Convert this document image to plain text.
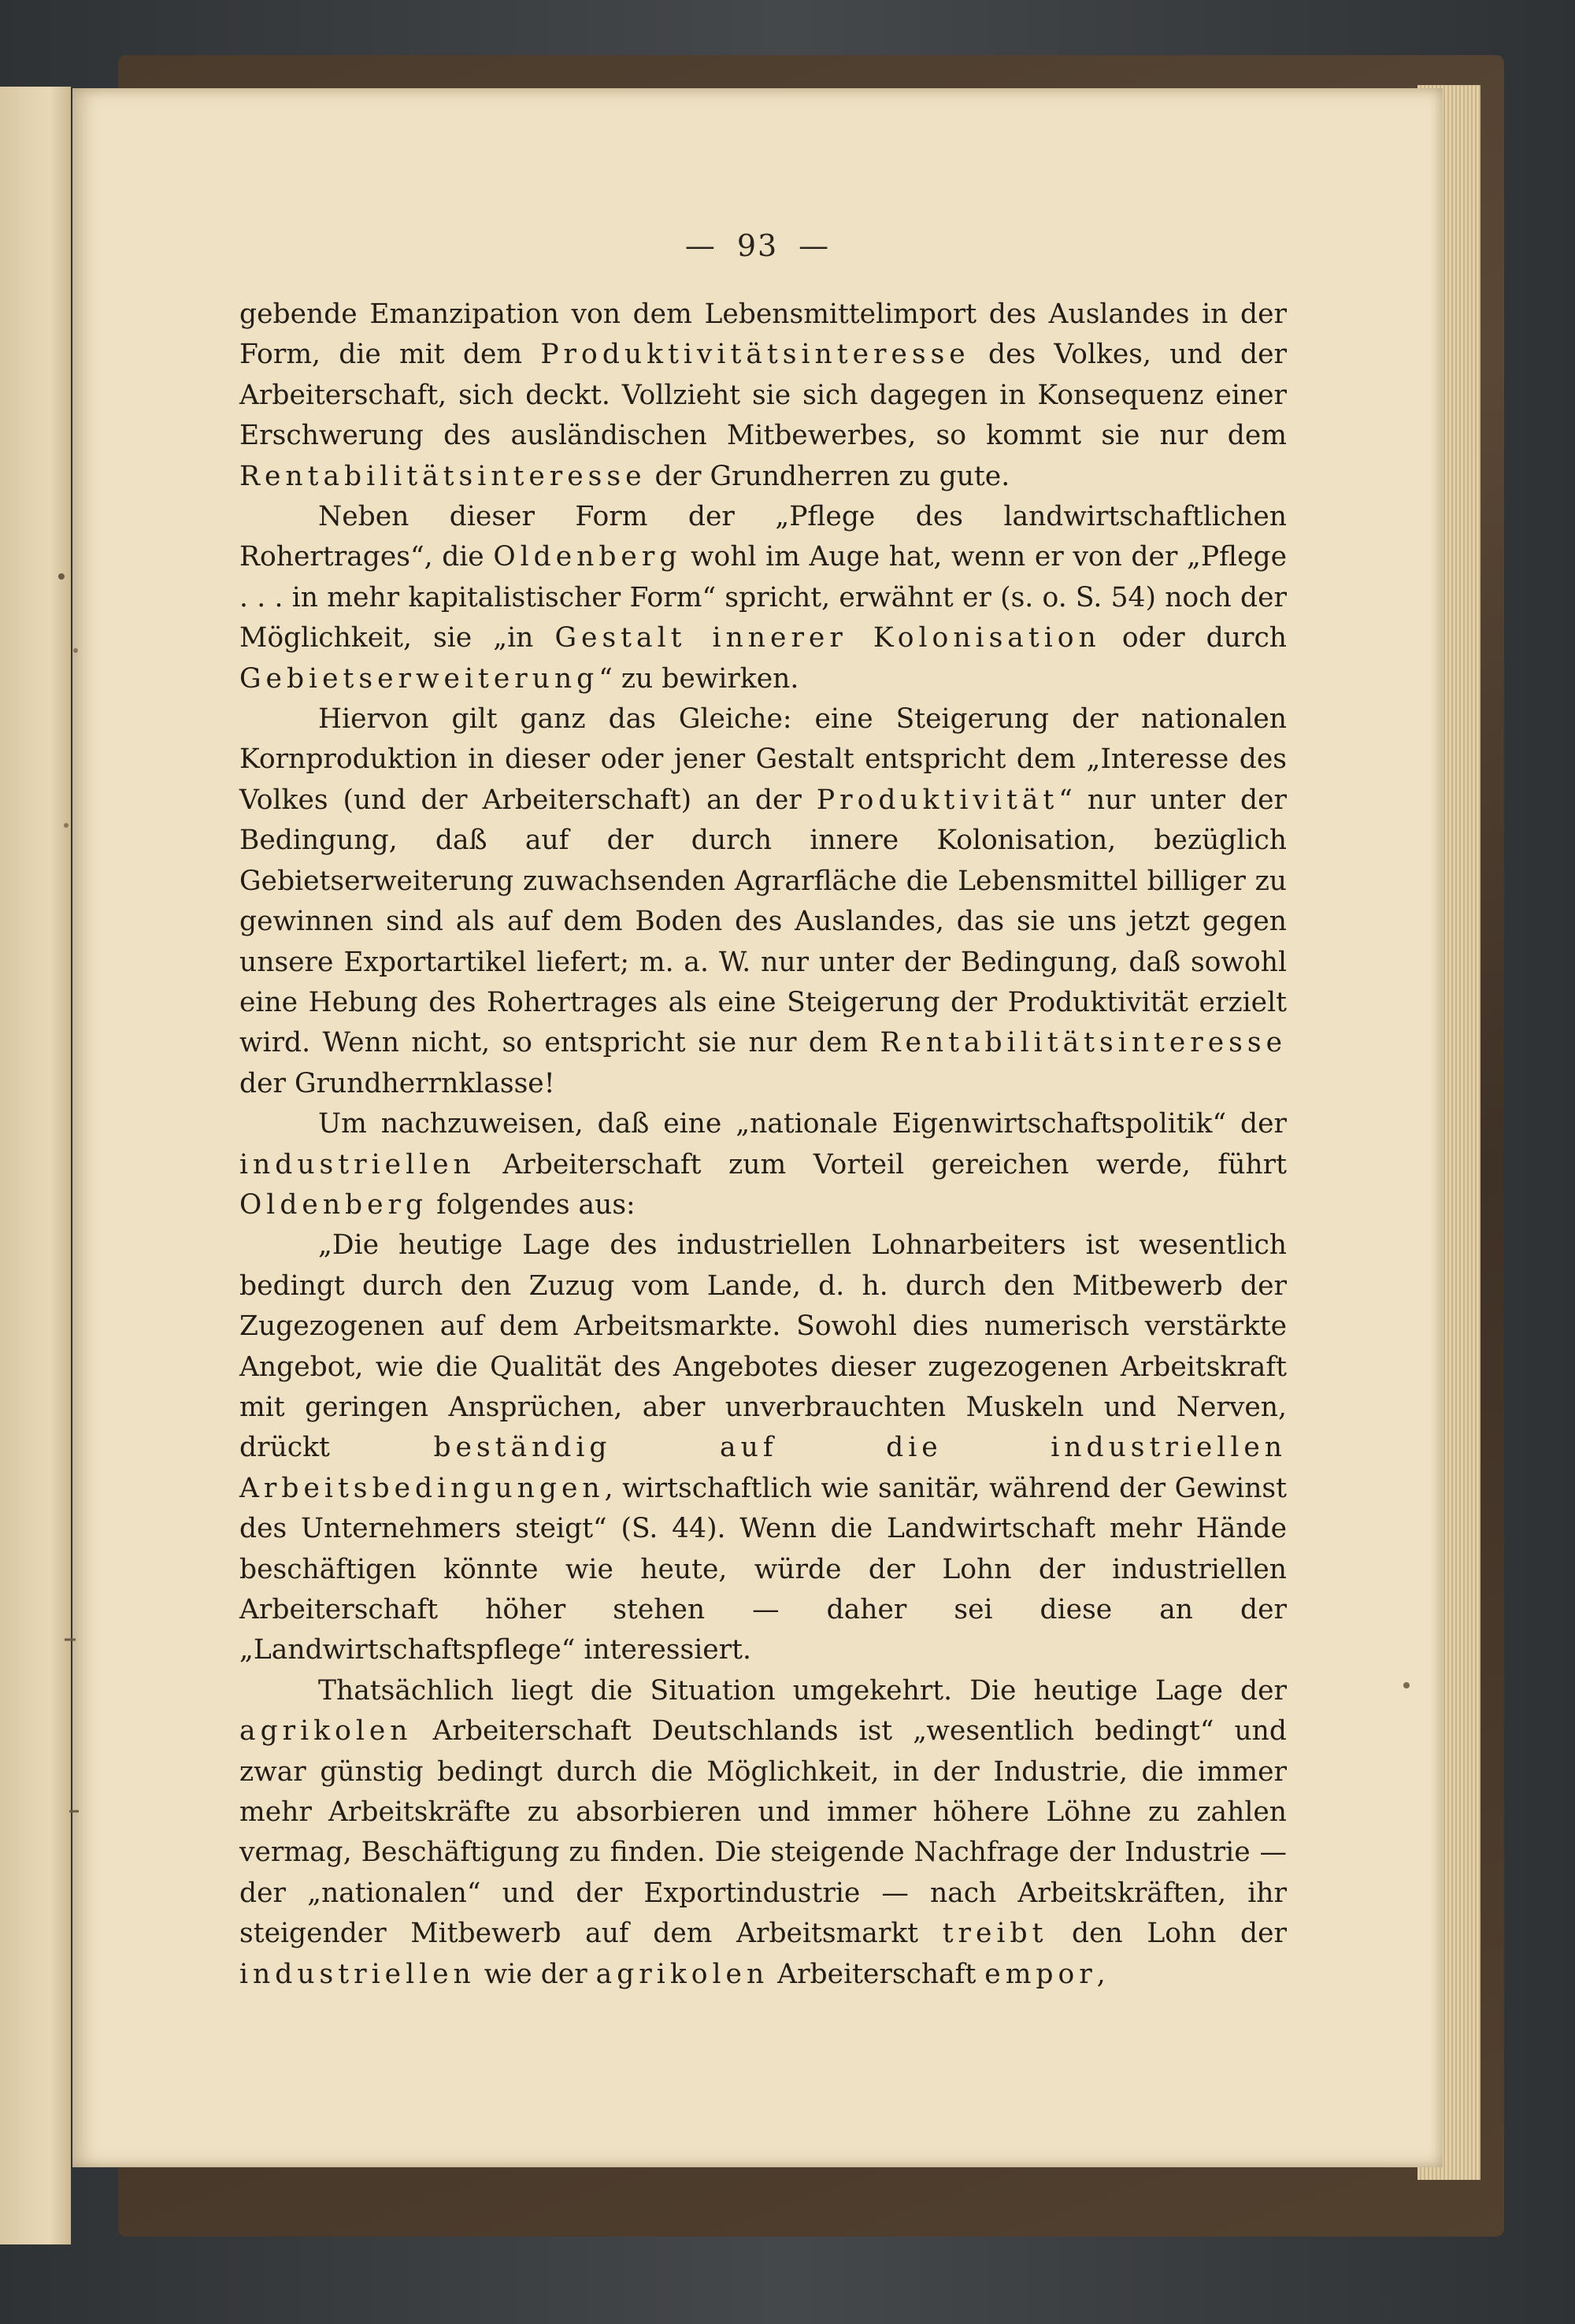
— 93 —

gebende Emanzipation von dem Lebensmittelimport des Auslandes in der Form, die mit dem Produktivitätsinteresse des Volkes, und der Arbeiterschaft, sich deckt. Vollzieht sie sich dagegen in Konsequenz einer Erschwerung des ausländischen Mitbewerbes, so kommt sie nur dem Rentabilitätsinteresse der Grundherren zu gute.

Neben dieser Form der „Pflege des landwirtschaftlichen Rohertrages“, die Oldenberg wohl im Auge hat, wenn er von der „Pflege . . . in mehr kapitalistischer Form“ spricht, erwähnt er (s. o. S. 54) noch der Möglichkeit, sie „in Gestalt innerer Kolonisation oder durch Gebietserweiterung“ zu bewirken.

Hiervon gilt ganz das Gleiche: eine Steigerung der nationalen Kornproduktion in dieser oder jener Gestalt entspricht dem „Interesse des Volkes (und der Arbeiterschaft) an der Produktivität“ nur unter der Bedingung, daß auf der durch innere Kolonisation, bezüglich Gebietserweiterung zuwachsenden Agrarfläche die Lebensmittel billiger zu gewinnen sind als auf dem Boden des Auslandes, das sie uns jetzt gegen unsere Exportartikel liefert; m. a. W. nur unter der Bedingung, daß sowohl eine Hebung des Rohertrages als eine Steigerung der Produktivität erzielt wird. Wenn nicht, so entspricht sie nur dem Rentabilitätsinteresse der Grundherrnklasse!

Um nachzuweisen, daß eine „nationale Eigenwirtschaftspolitik“ der industriellen Arbeiterschaft zum Vorteil gereichen werde, führt Oldenberg folgendes aus:

„Die heutige Lage des industriellen Lohnarbeiters ist wesentlich bedingt durch den Zuzug vom Lande, d. h. durch den Mitbewerb der Zugezogenen auf dem Arbeitsmarkte. Sowohl dies numerisch verstärkte Angebot, wie die Qualität des Angebotes dieser zugezogenen Arbeitskraft mit geringen Ansprüchen, aber unverbrauchten Muskeln und Nerven, drückt beständig auf die industriellen Arbeitsbedingungen, wirtschaftlich wie sanitär, während der Gewinst des Unternehmers steigt“ (S. 44). Wenn die Landwirtschaft mehr Hände beschäftigen könnte wie heute, würde der Lohn der industriellen Arbeiterschaft höher stehen — daher sei diese an der „Landwirtschaftspflege“ interessiert.

Thatsächlich liegt die Situation umgekehrt. Die heutige Lage der agrikolen Arbeiterschaft Deutschlands ist „wesentlich bedingt“ und zwar günstig bedingt durch die Möglichkeit, in der Industrie, die immer mehr Arbeitskräfte zu absorbieren und immer höhere Löhne zu zahlen vermag, Beschäftigung zu finden. Die steigende Nachfrage der Industrie — der „nationalen“ und der Exportindustrie — nach Arbeitskräften, ihr steigender Mitbewerb auf dem Arbeitsmarkt treibt den Lohn der industriellen wie der agrikolen Arbeiterschaft empor,
